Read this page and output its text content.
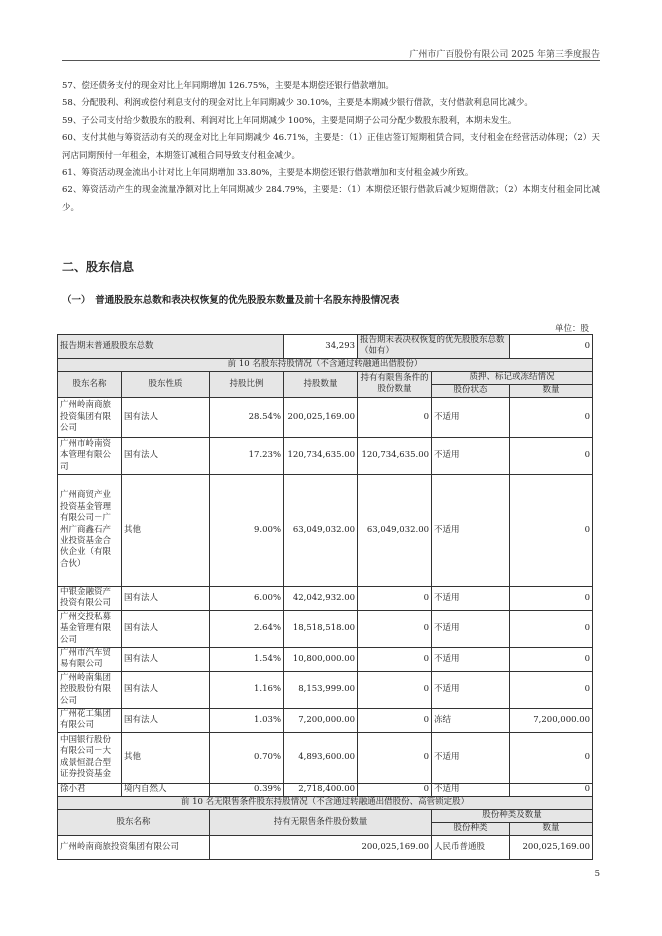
广州市广百股份有限公司 2025 年第三季度报告

57、偿还债务支付的现金对比上年同期增加 126.75%，主要是本期偿还银行借款增加。

58、分配股利、利润或偿付利息支付的现金对比上年同期减少 30.10%，主要是本期减少银行借款，支付借款利息同比减少。

59、子公司支付给少数股东的股利、利润对比上年同期减少 100%，主要是同期子公司分配少数股东股利，本期未发生。

60、支付其他与筹资活动有关的现金对比上年同期减少 46.71%，主要是：（1）正佳店签订短期租赁合同，支付租金在经营活动体现；（2）天河店同期预付一年租金，本期签订减租合同导致支付租金减少。

61、筹资活动现金流出小计对比上年同期增加 33.80%，主要是本期偿还银行借款增加和支付租金减少所致。

62、筹资活动产生的现金流量净额对比上年同期减少 284.79%，主要是：（1）本期偿还银行借款后减少短期借款；（2）本期支付租金同比减少。

二、股东信息
（一）　普通股股东总数和表决权恢复的优先股股东数量及前十名股东持股情况表
单位：股
报告期末普通股股东总数			34,293	报告期末表决权恢复的优先股股东总数（如有）		0
前 10 名股东持股情况（不含通过转融通出借股份）						
股东名称	股东性质	持股比例	持股数量	持有有限售条件的股份数量	质押、标记或冻结情况	
					股份状态	数量
广州岭南商旅投资集团有限公司	国有法人	28.54%	200,025,169.00	0	不适用	0
广州市岭南资本管理有限公司	国有法人	17.23%	120,734,635.00	120,734,635.00	不适用	0
广州商贸产业投资基金管理有限公司－广州广商鑫石产业投资基金合伙企业（有限合伙）	其他	9.00%	63,049,032.00	63,049,032.00	不适用	0
中银金融资产投资有限公司	国有法人	6.00%	42,042,932.00	0	不适用	0
广州交投私募基金管理有限公司	国有法人	2.64%	18,518,518.00	0	不适用	0
广州市汽车贸易有限公司	国有法人	1.54%	10,800,000.00	0	不适用	0
广州岭南集团控股股份有限公司	国有法人	1.16%	8,153,999.00	0	不适用	0
广州花工集团有限公司	国有法人	1.03%	7,200,000.00	0	冻结	7,200,000.00
中国银行股份有限公司－大成景恒混合型证券投资基金	其他	0.70%	4,893,600.00	0	不适用	0
徐小君	境内自然人	0.39%	2,718,400.00	0	不适用	0
前 10 名无限售条件股东持股情况（不含通过转融通出借股份、高管锁定股）						
股东名称		持有无限售条件股份数量			股份种类及数量	
					股份种类	数量
广州岭南商旅投资集团有限公司		200,025,169.00			人民币普通股	200,025,169.00
5
